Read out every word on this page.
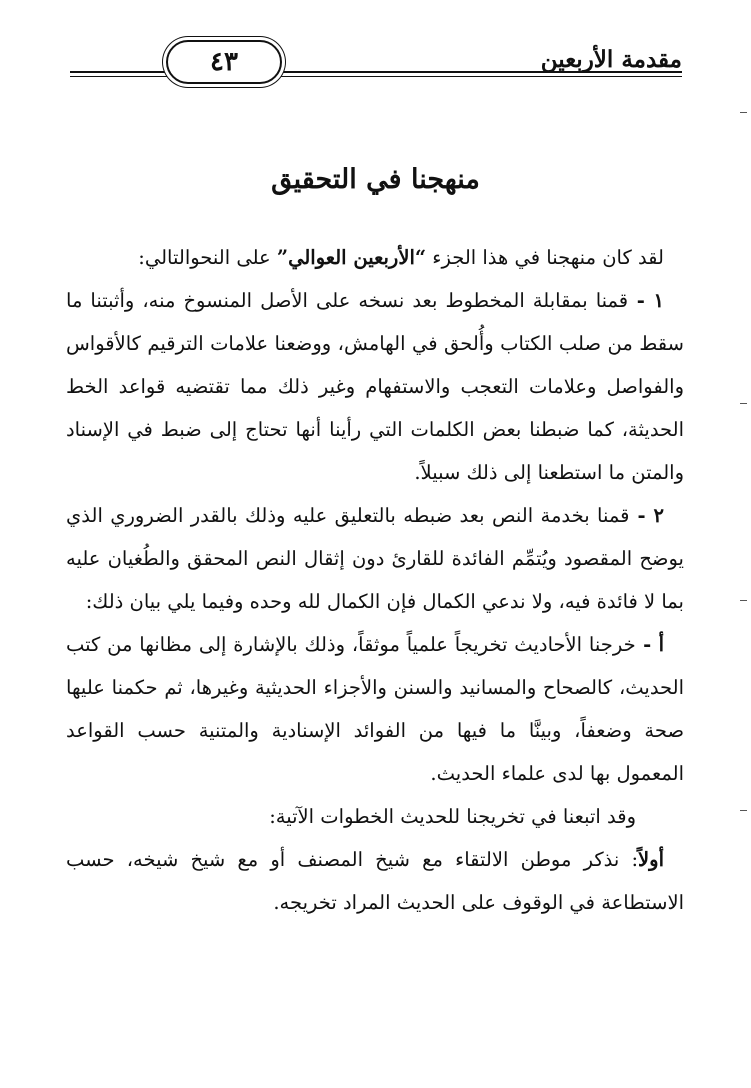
مقدمة الأربعين
٤٣
منهجنا في التحقيق

لقد كان منهجنا في هذا الجزء “الأربعين العوالي” على النحوالتالي:

١ - قمنا بمقابلة المخطوط بعد نسخه على الأصل المنسوخ منه، وأثبتنا ما سقط من صلب الكتاب وأُلحق في الهامش، ووضعنا علامات الترقيم كالأقواس والفواصل وعلامات التعجب والاستفهام وغير ذلك مما تقتضيه قواعد الخط الحديثة، كما ضبطنا بعض الكلمات التي رأينا أنها تحتاج إلى ضبط في الإسناد والمتن ما استطعنا إلى ذلك سبيلاً.

٢ - قمنا بخدمة النص بعد ضبطه بالتعليق عليه وذلك بالقدر الضروري الذي يوضح المقصود ويُتمِّم الفائدة للقارئ دون إثقال النص المحقق والطُغيان عليه بما لا فائدة فيه، ولا ندعي الكمال فإن الكمال لله وحده وفيما يلي بيان ذلك:

أ - خرجنا الأحاديث تخريجاً علمياً موثقاً، وذلك بالإشارة إلى مظانها من كتب الحديث، كالصحاح والمسانيد والسنن والأجزاء الحديثية وغيرها، ثم حكمنا عليها صحة وضعفاً، وبينَّا ما فيها من الفوائد الإسنادية والمتنية حسب القواعد المعمول بها لدى علماء الحديث.

وقد اتبعنا في تخريجنا للحديث الخطوات الآتية:

أولاً: نذكر موطن الالتقاء مع شيخ المصنف أو مع شيخ شيخه، حسب الاستطاعة في الوقوف على الحديث المراد تخريجه.
